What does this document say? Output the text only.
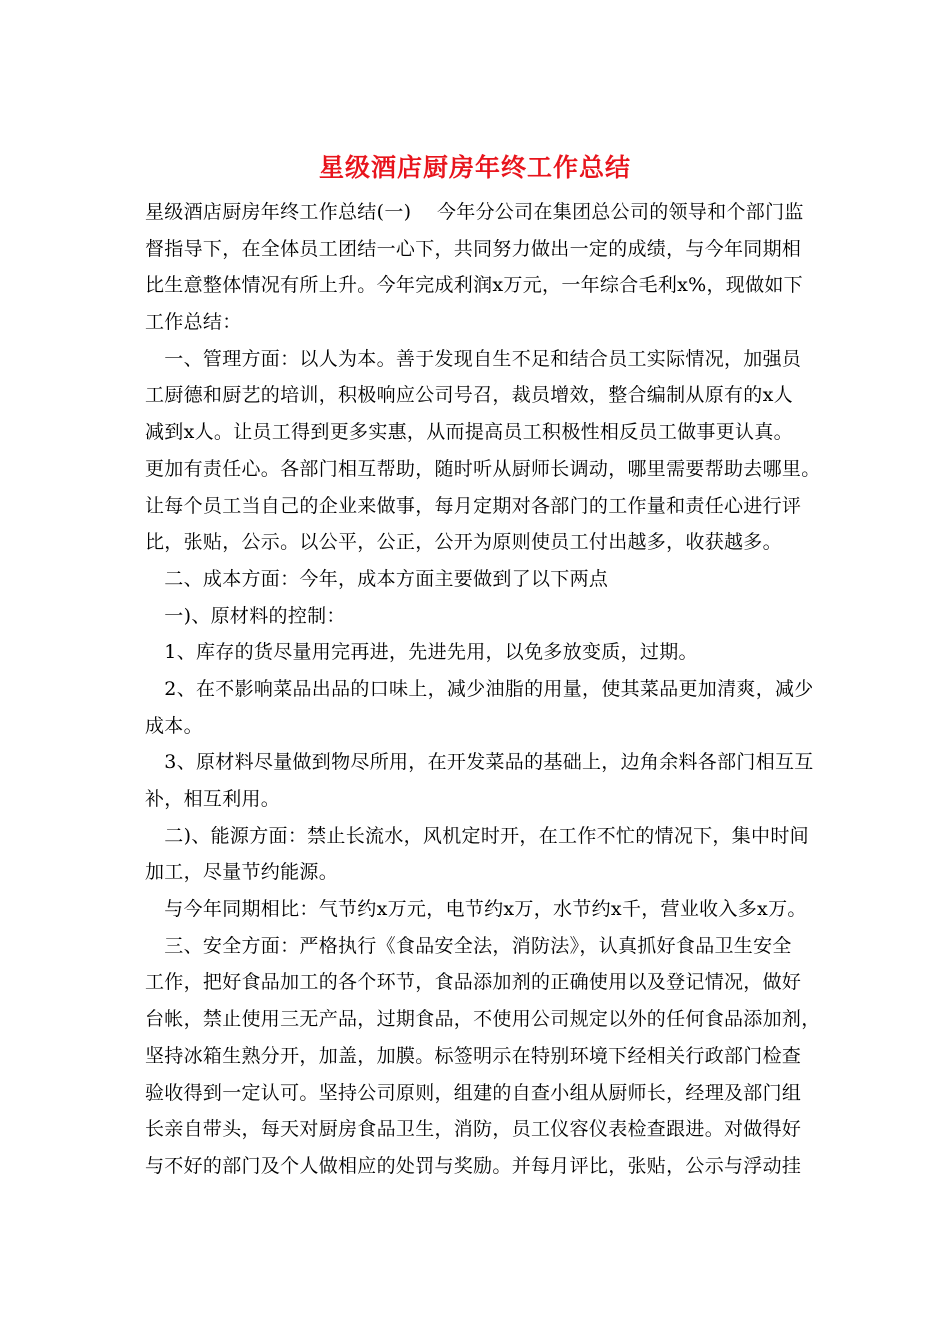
星级酒店厨房年终工作总结
星级酒店厨房年终工作总结(一)　 今年分公司在集团总公司的领导和个部门监
督指导下，在全体员工团结一心下，共同努力做出一定的成绩，与今年同期相
比生意整体情况有所上升。今年完成利润x万元，一年综合毛利x%，现做如下
工作总结：
　一、管理方面：以人为本。善于发现自生不足和结合员工实际情况，加强员
工厨德和厨艺的培训，积极响应公司号召，裁员增效，整合编制从原有的x人
减到x人。让员工得到更多实惠，从而提高员工积极性相反员工做事更认真。
更加有责任心。各部门相互帮助，随时听从厨师长调动，哪里需要帮助去哪里。
让每个员工当自己的企业来做事，每月定期对各部门的工作量和责任心进行评
比，张贴，公示。以公平，公正，公开为原则使员工付出越多，收获越多。
　二、成本方面：今年，成本方面主要做到了以下两点
　一)、原材料的控制：
　1、库存的货尽量用完再进，先进先用，以免多放变质，过期。
　2、在不影响菜品出品的口味上，减少油脂的用量，使其菜品更加清爽，减少
成本。
　3、原材料尽量做到物尽所用，在开发菜品的基础上，边角余料各部门相互互
补，相互利用。
　二)、能源方面：禁止长流水，风机定时开，在工作不忙的情况下，集中时间
加工，尽量节约能源。
　与今年同期相比：气节约x万元，电节约x万，水节约x千，营业收入多x万。
　三、安全方面：严格执行《食品安全法，消防法》，认真抓好食品卫生安全
工作，把好食品加工的各个环节，食品添加剂的正确使用以及登记情况，做好
台帐，禁止使用三无产品，过期食品，不使用公司规定以外的任何食品添加剂，
坚持冰箱生熟分开，加盖，加膜。标签明示在特别环境下经相关行政部门检查
验收得到一定认可。坚持公司原则，组建的自查小组从厨师长，经理及部门组
长亲自带头，每天对厨房食品卫生，消防，员工仪容仪表检查跟进。对做得好
与不好的部门及个人做相应的处罚与奖励。并每月评比，张贴，公示与浮动挂
